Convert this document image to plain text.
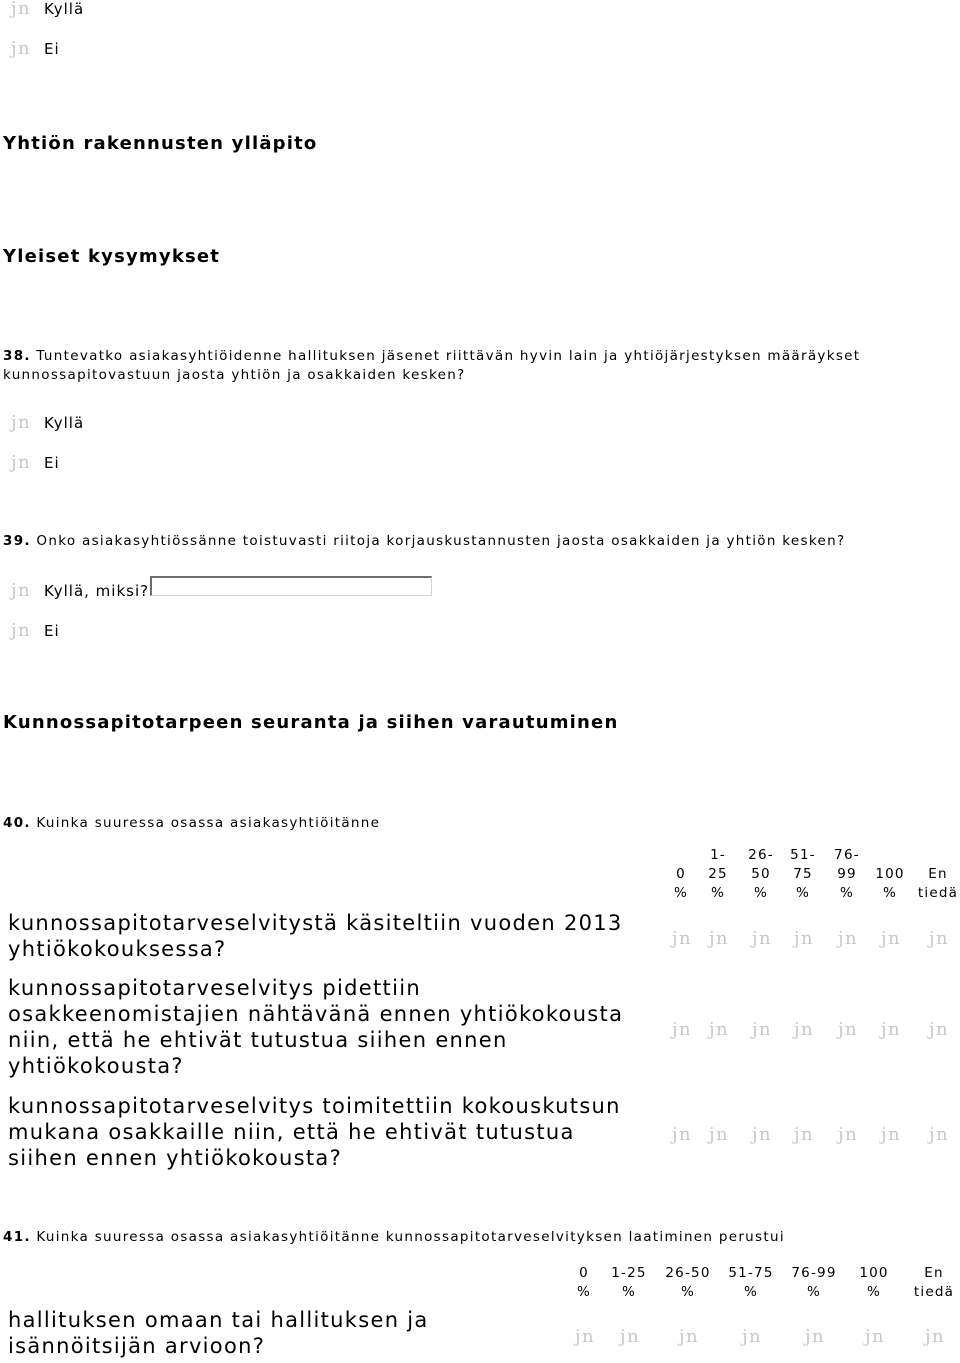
j n Kyllä
j n Ei
Yhtiön rakennusten ylläpito
Yleiset kysymykset
38. Tuntevatko asiakasyhtiöidenne hallituksen jäsenet riittävän hyvin lain ja yhtiöjärjestyksen määräykset
kunnossapitovastuun jaosta yhtiön ja osakkaiden kesken?
j n Kyllä
j n Ei
39. Onko asiakasyhtiössänne toistuvasti riitoja korjauskustannusten jaosta osakkaiden ja yhtiön kesken?
j n Kyllä, miksi?
j n Ei
Kunnossapitotarpeen seuranta ja siihen varautuminen
40. Kuinka suuressa osassa asiakasyhtiöitänne
0
%
1-
25
%
26-
50
%
51-
75
%
76-
99
%
100
%
En
tiedä
kunnossapitotarveselvitystä käsiteltiin vuoden 2013
yhtiökokouksessa?	j n j n j n j n j n j n j n
kunnossapitotarveselvitys pidettiin
osakkeenomistajien nähtävänä ennen yhtiökokousta
niin, että he ehtivät tutustua siihen ennen
yhtiökokousta?
j n j n j n j n j n j n j n
kunnossapitotarveselvitys toimitettiin kokouskutsun
mukana osakkaille niin, että he ehtivät tutustua
siihen ennen yhtiökokousta?
j n j n j n j n j n j n j n
41. Kuinka suuressa osassa asiakasyhtiöitänne kunnossapitotarveselvityksen laatiminen perustui
0
%
1-25
%
26-50
%
51-75
%
76-99
%
100
%
En
tiedä
hallituksen omaan tai hallituksen ja
isännöitsijän arvioon?	j n j n j n j n j n j n j n
